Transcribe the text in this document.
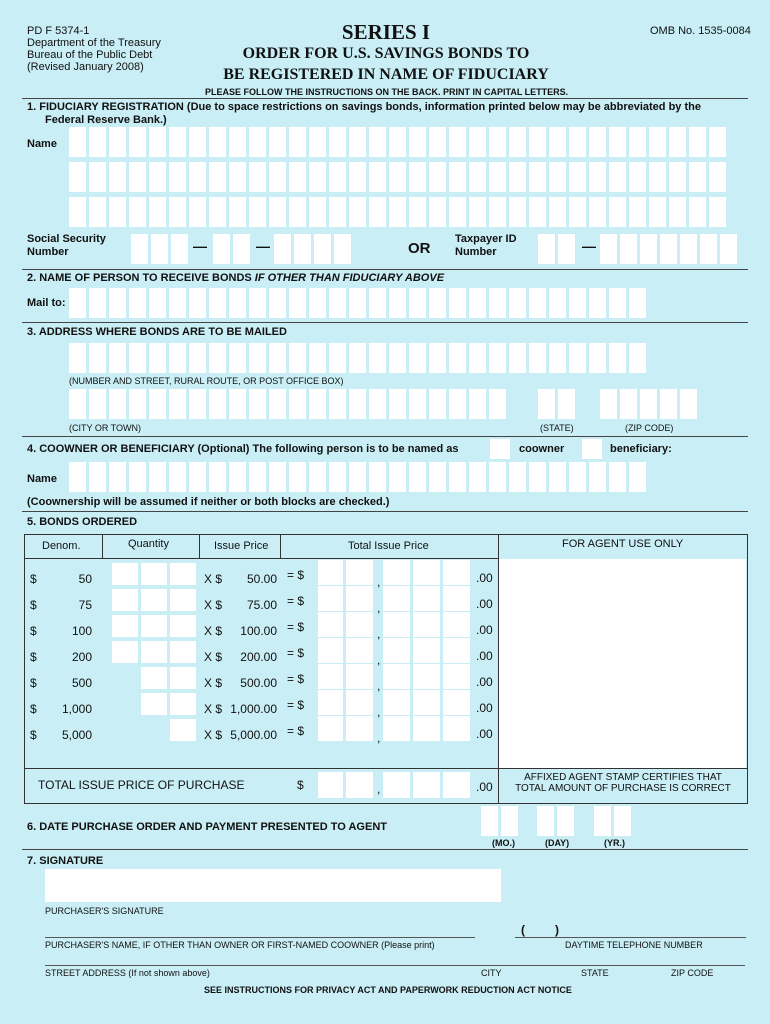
PD F 5374-1
Department of the Treasury
Bureau of the Public Debt
(Revised January 2008)
SERIES I
ORDER FOR U.S. SAVINGS BONDS TO
BE REGISTERED IN NAME OF FIDUCIARY
OMB No. 1535-0084
PLEASE FOLLOW THE INSTRUCTIONS ON THE BACK. PRINT IN CAPITAL LETTERS.
1. FIDUCIARY REGISTRATION (Due to space restrictions on savings bonds, information printed below may be abbreviated by the
Federal Reserve Bank.)
Name
Social Security
Number	—	—	OR
Taxpayer ID
Number	—
2. NAME OF PERSON TO RECEIVE BONDS IF OTHER THAN FIDUCIARY ABOVE
Mail to:
3. ADDRESS WHERE BONDS ARE TO BE MAILED
(NUMBER AND STREET, RURAL ROUTE, OR POST OFFICE BOX)
(CITY OR TOWN)	(STATE)	(ZIP CODE)
4. COOWNER OR BENEFICIARY (Optional) The following person is to be named as	coowner	beneficiary:
Name
(Coownership will be assumed if neither or both blocks are checked.)
5. BONDS ORDERED
Denom.	Quantity	Issue Price	Total Issue Price	FOR AGENT USE ONLY
$	50	X $	50.00 = $	,	.00
$	75	X $	75.00 = $	,	.00
$	100	X $	100.00 = $	,	.00
$	200	X $	200.00 = $	,	.00
$	500	X $	500.00 = $	,	.00
$	1,000	X $ 1,000.00 = $	,	.00
$	5,000	X $ 5,000.00 = $	,	.00
TOTAL ISSUE PRICE OF PURCHASE	$	,	.00
AFFIXED AGENT STAMP CERTIFIES THAT
TOTAL AMOUNT OF PURCHASE IS CORRECT
6. DATE PURCHASE ORDER AND PAYMENT PRESENTED TO AGENT
(MO.)	(DAY)	(YR.)
7. SIGNATURE
PURCHASER'S SIGNATURE
(	)
PURCHASER'S NAME, IF OTHER THAN OWNER OR FIRST-NAMED COOWNER (Please print)	DAYTIME TELEPHONE NUMBER
STREET ADDRESS (If not shown above)	CITY	STATE	ZIP CODE
SEE INSTRUCTIONS FOR PRIVACY ACT AND PAPERWORK REDUCTION ACT NOTICE
